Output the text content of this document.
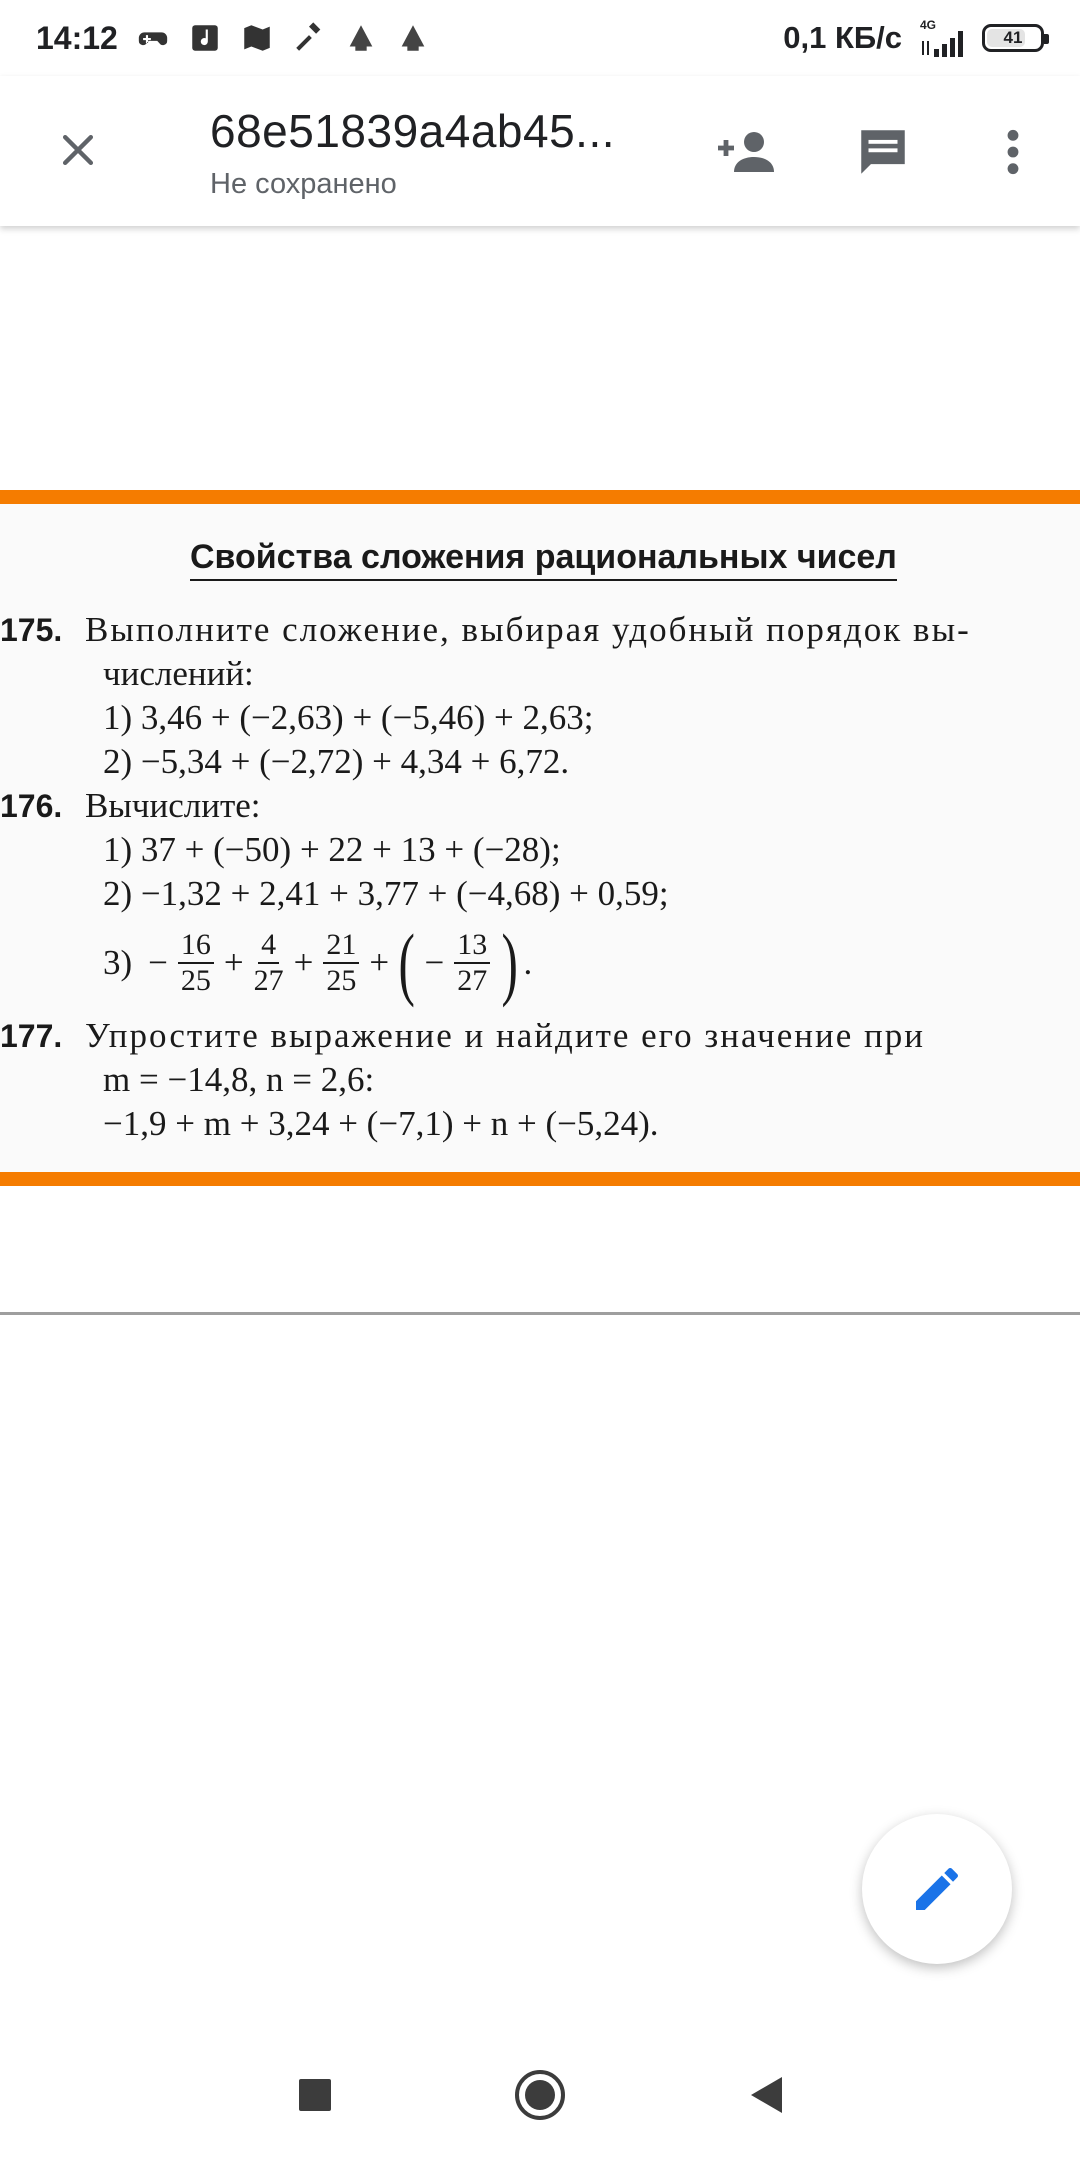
14:12	0,1 КБ/с 4G
41
68e51839a4ab45...
Не сохранено
Свойства сложения рациональных чисел
175. Выполните сложение, выбирая удобный порядок вы-
числений:
1) 3,46 + (−2,63) + (−5,46) + 2,63;
2) −5,34 + (−2,72) + 4,34 + 6,72.
176. Вычислите:
1) 37 + (−50) + 22 + 13 + (−28);
2) −1,32 + 2,41 + 3,77 + (−4,68) + 0,59;
$3) - \frac{16}{25} + \frac{4}{27} + \frac{21}{25}$ + ( − $\frac{13}{27}$ ) .
177. Упростите выражение и найдите его значение при
m = −14,8, n = 2,6:
−1,9 + m + 3,24 + (−7,1) + n + (−5,24).
